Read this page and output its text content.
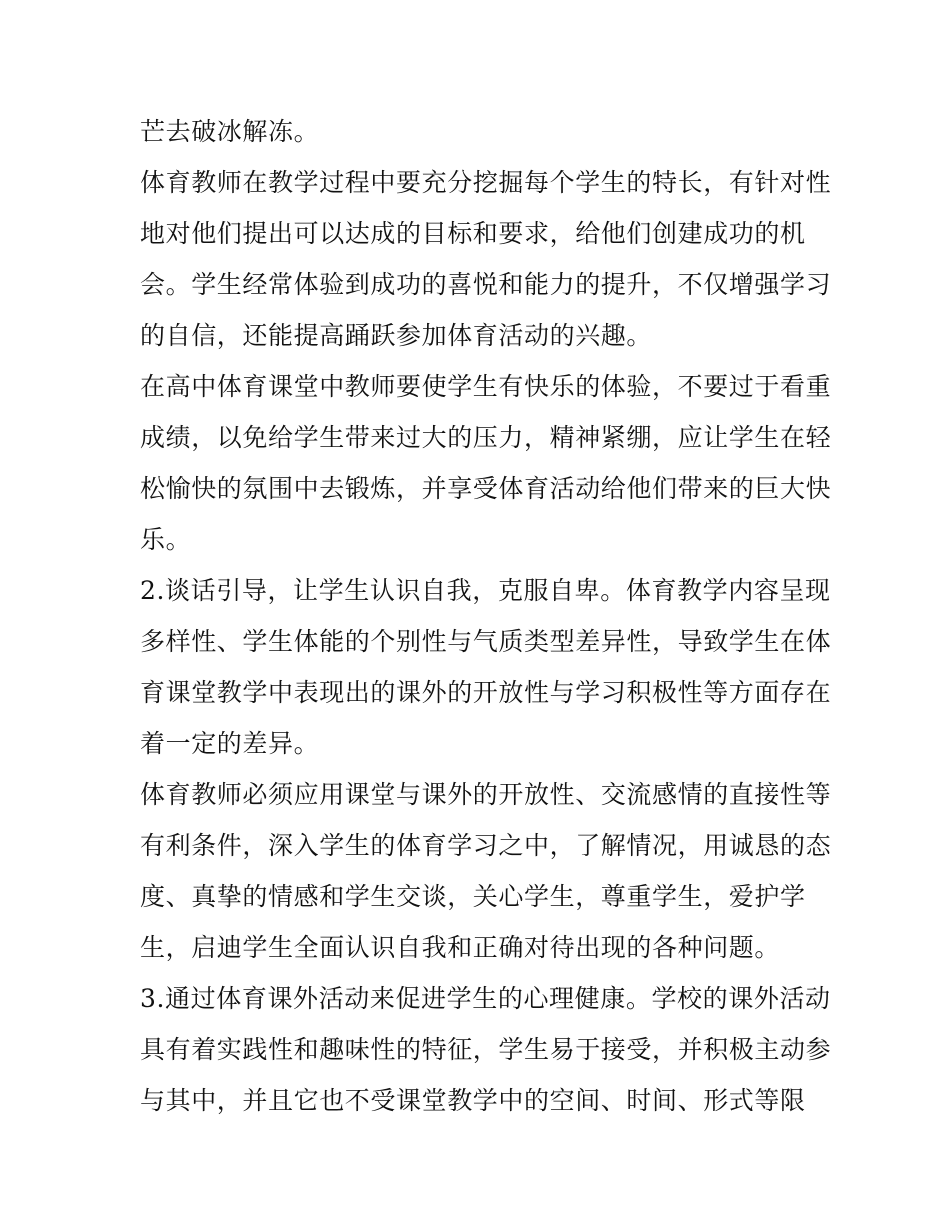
芒去破冰解冻。
体育教师在教学过程中要充分挖掘每个学生的特长，有针对性
地对他们提出可以达成的目标和要求，给他们创建成功的机
会。学生经常体验到成功的喜悦和能力的提升，不仅增强学习
的自信，还能提高踊跃参加体育活动的兴趣。
在高中体育课堂中教师要使学生有快乐的体验，不要过于看重
成绩，以免给学生带来过大的压力，精神紧绷，应让学生在轻
松愉快的氛围中去锻炼，并享受体育活动给他们带来的巨大快
乐。
2.谈话引导，让学生认识自我，克服自卑。体育教学内容呈现
多样性、学生体能的个别性与气质类型差异性，导致学生在体
育课堂教学中表现出的课外的开放性与学习积极性等方面存在
着一定的差异。
体育教师必须应用课堂与课外的开放性、交流感情的直接性等
有利条件，深入学生的体育学习之中，了解情况，用诚恳的态
度、真挚的情感和学生交谈，关心学生，尊重学生，爱护学
生，启迪学生全面认识自我和正确对待出现的各种问题。
3.通过体育课外活动来促进学生的心理健康。学校的课外活动
具有着实践性和趣味性的特征，学生易于接受，并积极主动参
与其中，并且它也不受课堂教学中的空间、时间、形式等限
